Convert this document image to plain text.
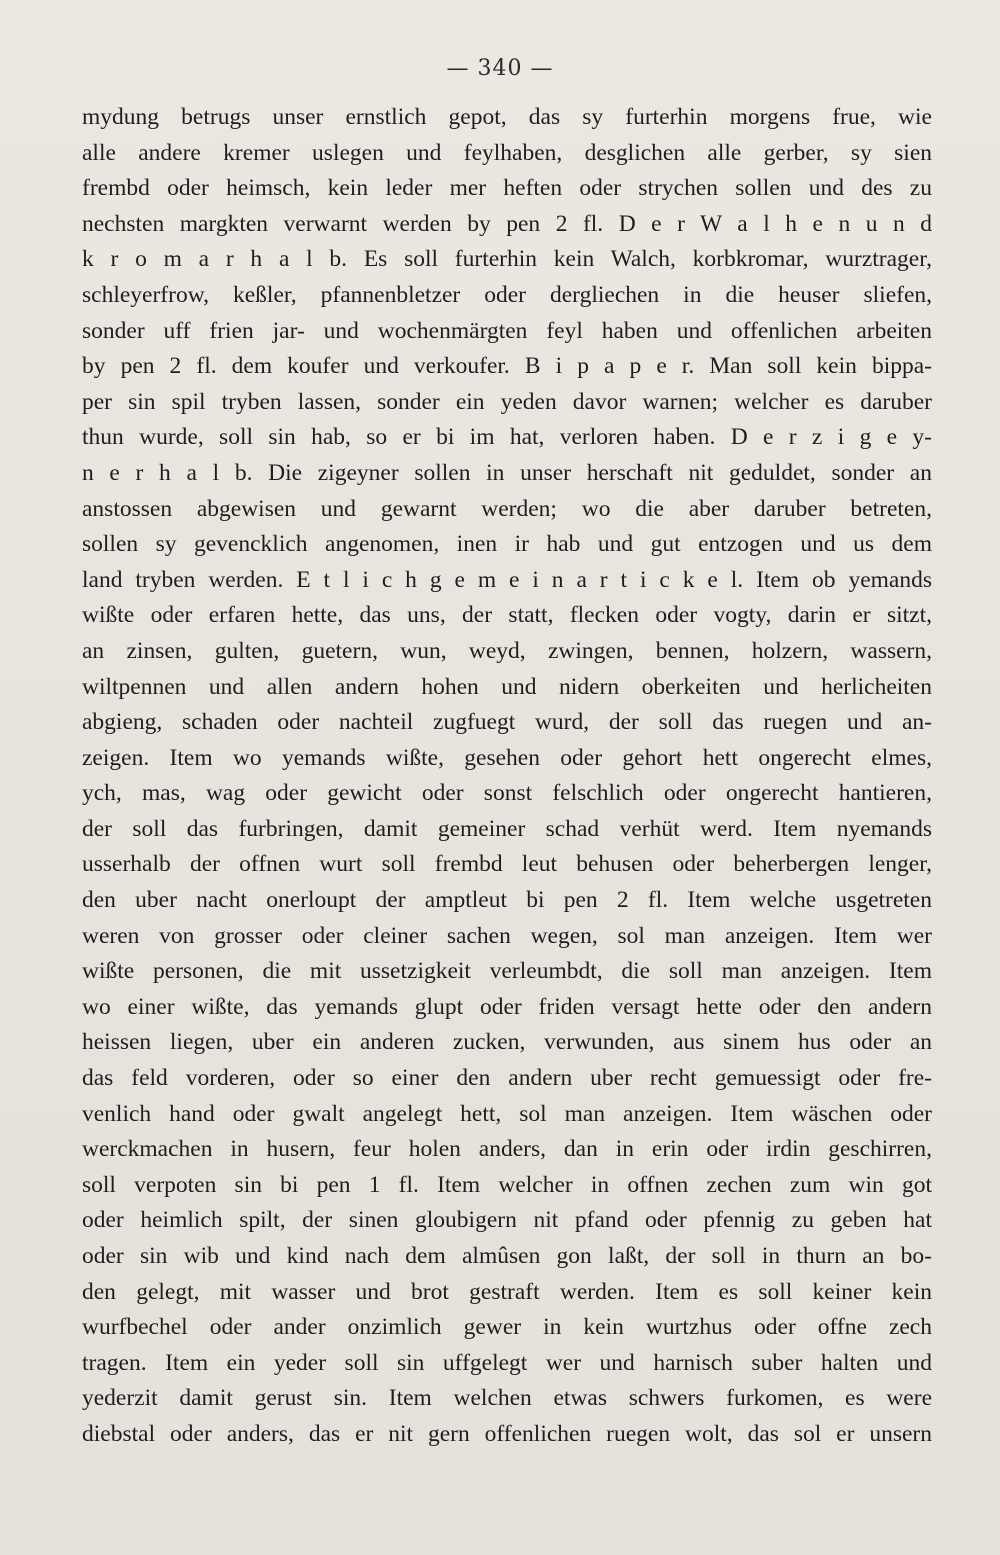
— 340 —
mydung betrugs unser ernstlich gepot, das sy furterhin morgens frue, wie
alle andere kremer uslegen und feylhaben, desglichen alle gerber, sy sien
frembd oder heimsch, kein leder mer heften oder strychen sollen und des zu
nechsten margkten verwarnt werden by pen 2 fl. D e r W a l h e n u n d
k r o m a r h a l b. Es soll furterhin kein Walch, korbkromar, wurztrager,
schleyerfrow, keßler, pfannenbletzer oder dergliechen in die heuser sliefen,
sonder uff frien jar- und wochenmärgten feyl haben und offenlichen arbeiten
by pen 2 fl. dem koufer und verkoufer. B i p a p e r. Man soll kein bippa-
per sin spil tryben lassen, sonder ein yeden davor warnen; welcher es daruber
thun wurde, soll sin hab, so er bi im hat, verloren haben. D e r z i g e y-
n e r h a l b. Die zigeyner sollen in unser herschaft nit geduldet, sonder an
anstossen abgewisen und gewarnt werden; wo die aber daruber betreten,
sollen sy gevencklich angenomen, inen ir hab und gut entzogen und us dem
land tryben werden. E t l i c h g e m e i n a r t i c k e l. Item ob yemands
wißte oder erfaren hette, das uns, der statt, flecken oder vogty, darin er sitzt,
an zinsen, gulten, guetern, wun, weyd, zwingen, bennen, holzern, wassern,
wiltpennen und allen andern hohen und nidern oberkeiten und herlicheiten
abgieng, schaden oder nachteil zugfuegt wurd, der soll das ruegen und an-
zeigen. Item wo yemands wißte, gesehen oder gehort hett ongerecht elmes,
ych, mas, wag oder gewicht oder sonst felschlich oder ongerecht hantieren,
der soll das furbringen, damit gemeiner schad verhüt werd. Item nyemands
usserhalb der offnen wurt soll frembd leut behusen oder beherbergen lenger,
den uber nacht onerloupt der amptleut bi pen 2 fl. Item welche usgetreten
weren von grosser oder cleiner sachen wegen, sol man anzeigen. Item wer
wißte personen, die mit ussetzigkeit verleumbdt, die soll man anzeigen. Item
wo einer wißte, das yemands glupt oder friden versagt hette oder den andern
heissen liegen, uber ein anderen zucken, verwunden, aus sinem hus oder an
das feld vorderen, oder so einer den andern uber recht gemuessigt oder fre-
venlich hand oder gwalt angelegt hett, sol man anzeigen. Item wäschen oder
werckmachen in husern, feur holen anders, dan in erin oder irdin geschirren,
soll verpoten sin bi pen 1 fl. Item welcher in offnen zechen zum win got
oder heimlich spilt, der sinen gloubigern nit pfand oder pfennig zu geben hat
oder sin wib und kind nach dem almûsen gon laßt, der soll in thurn an bo-
den gelegt, mit wasser und brot gestraft werden. Item es soll keiner kein
wurfbechel oder ander onzimlich gewer in kein wurtzhus oder offne zech
tragen. Item ein yeder soll sin uffgelegt wer und harnisch suber halten und
yederzit damit gerust sin. Item welchen etwas schwers furkomen, es were
diebstal oder anders, das er nit gern offenlichen ruegen wolt, das sol er unsern
